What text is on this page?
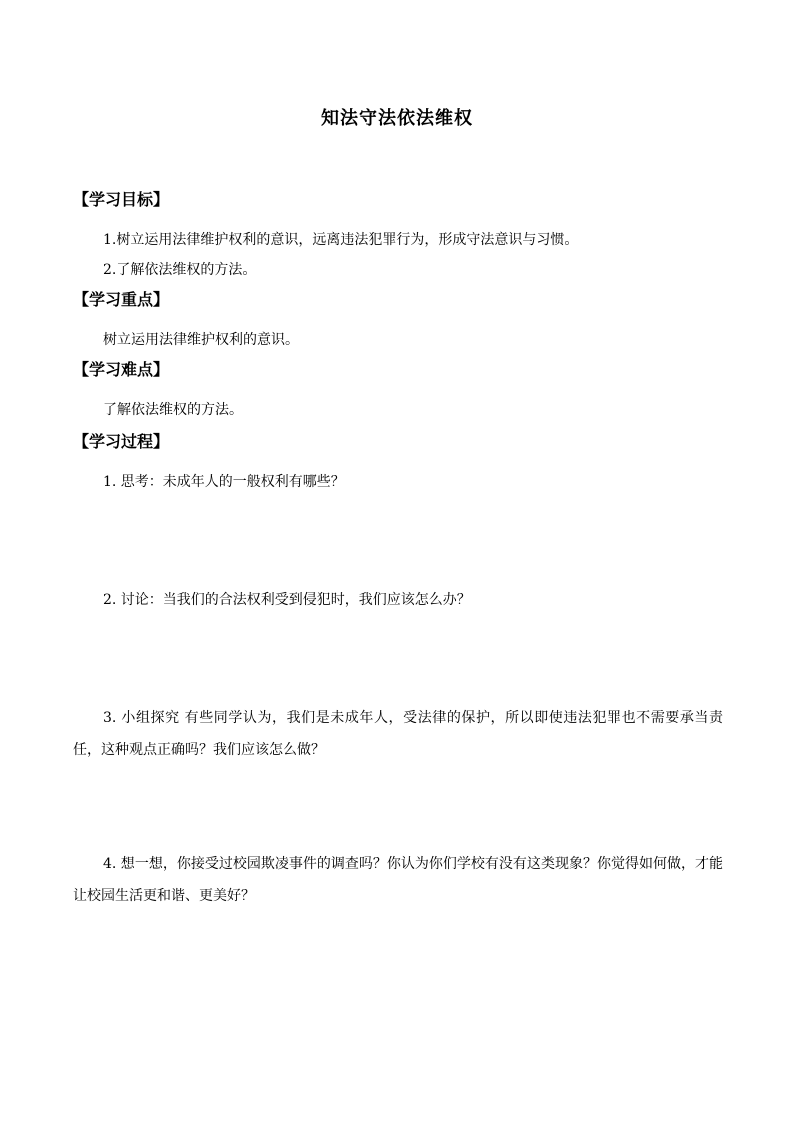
知法守法依法维权
【学习目标】
1.树立运用法律维护权利的意识，远离违法犯罪行为，形成守法意识与习惯。
2.了解依法维权的方法。
【学习重点】
树立运用法律维护权利的意识。
【学习难点】
了解依法维权的方法。
【学习过程】
1. 思考：未成年人的一般权利有哪些？
2. 讨论：当我们的合法权利受到侵犯时，我们应该怎么办？
3. 小组探究 有些同学认为，我们是未成年人，受法律的保护，所以即使违法犯罪也不需要承当责任，这种观点正确吗？我们应该怎么做？
4. 想一想，你接受过校园欺凌事件的调查吗？你认为你们学校有没有这类现象？你觉得如何做，才能让校园生活更和谐、更美好？
